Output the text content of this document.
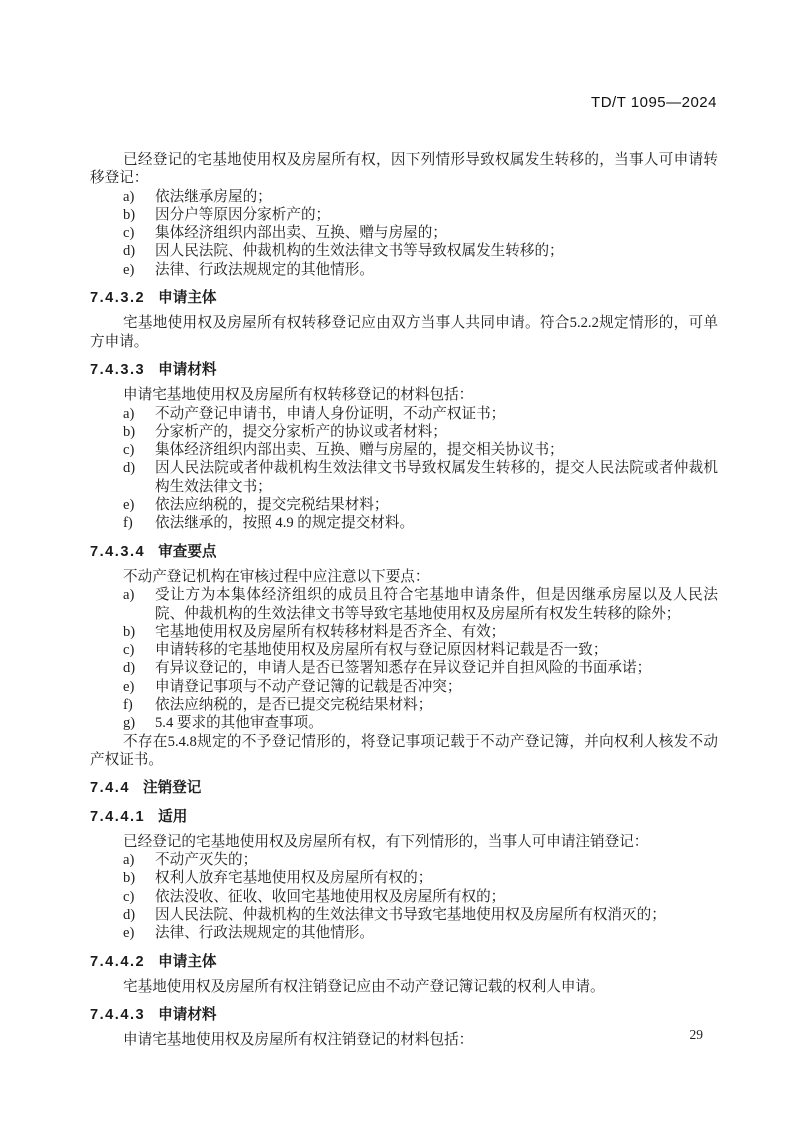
TD/T 1095—2024
已经登记的宅基地使用权及房屋所有权，因下列情形导致权属发生转移的，当事人可申请转移登记：
a) 依法继承房屋的；
b) 因分户等原因分家析产的；
c) 集体经济组织内部出卖、互换、赠与房屋的；
d) 因人民法院、仲裁机构的生效法律文书等导致权属发生转移的；
e) 法律、行政法规规定的其他情形。
7.4.3.2 申请主体
宅基地使用权及房屋所有权转移登记应由双方当事人共同申请。符合5.2.2规定情形的，可单方申请。
7.4.3.3 申请材料
申请宅基地使用权及房屋所有权转移登记的材料包括：
a) 不动产登记申请书，申请人身份证明，不动产权证书；
b) 分家析产的，提交分家析产的协议或者材料；
c) 集体经济组织内部出卖、互换、赠与房屋的，提交相关协议书；
d) 因人民法院或者仲裁机构生效法律文书导致权属发生转移的，提交人民法院或者仲裁机构生效法律文书；
e) 依法应纳税的，提交完税结果材料；
f) 依法继承的，按照 4.9 的规定提交材料。
7.4.3.4 审查要点
不动产登记机构在审核过程中应注意以下要点：
a) 受让方为本集体经济组织的成员且符合宅基地申请条件，但是因继承房屋以及人民法院、仲裁机构的生效法律文书等导致宅基地使用权及房屋所有权发生转移的除外；
b) 宅基地使用权及房屋所有权转移材料是否齐全、有效；
c) 申请转移的宅基地使用权及房屋所有权与登记原因材料记载是否一致；
d) 有异议登记的，申请人是否已签署知悉存在异议登记并自担风险的书面承诺；
e) 申请登记事项与不动产登记簿的记载是否冲突；
f) 依法应纳税的，是否已提交完税结果材料；
g) 5.4 要求的其他审查事项。
不存在5.4.8规定的不予登记情形的，将登记事项记载于不动产登记簿，并向权利人核发不动产权证书。
7.4.4 注销登记
7.4.4.1 适用
已经登记的宅基地使用权及房屋所有权，有下列情形的，当事人可申请注销登记：
a) 不动产灭失的；
b) 权利人放弃宅基地使用权及房屋所有权的；
c) 依法没收、征收、收回宅基地使用权及房屋所有权的；
d) 因人民法院、仲裁机构的生效法律文书导致宅基地使用权及房屋所有权消灭的；
e) 法律、行政法规规定的其他情形。
7.4.4.2 申请主体
宅基地使用权及房屋所有权注销登记应由不动产登记簿记载的权利人申请。
7.4.4.3 申请材料
申请宅基地使用权及房屋所有权注销登记的材料包括：	29
